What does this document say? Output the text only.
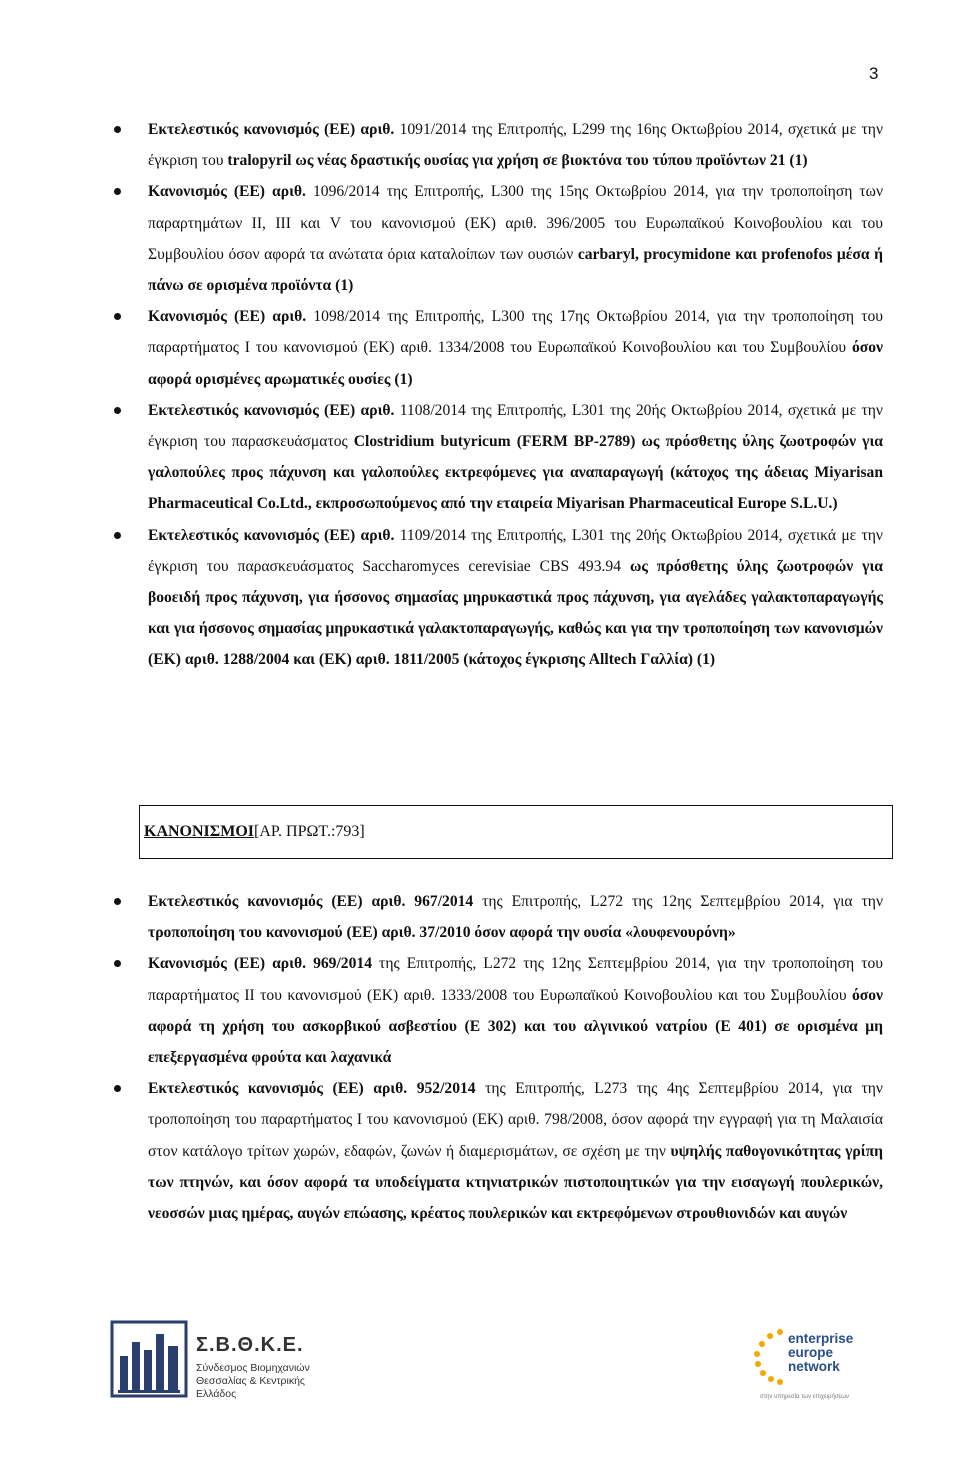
3
Εκτελεστικός κανονισμός (ΕΕ) αριθ. 1091/2014 της Επιτροπής, L299 της 16ης Οκτωβρίου 2014, σχετικά με την έγκριση του tralopyril ως νέας δραστικής ουσίας για χρήση σε βιοκτόνα του τύπου προϊόντων 21 (1)
Κανονισμός (ΕΕ) αριθ. 1096/2014 της Επιτροπής, L300 της 15ης Οκτωβρίου 2014, για την τροποποίηση των παραρτημάτων II, III και V του κανονισμού (ΕΚ) αριθ. 396/2005 του Ευρωπαϊκού Κοινοβουλίου και του Συμβουλίου όσον αφορά τα ανώτατα όρια καταλοίπων των ουσιών carbaryl, procymidone και profenofos μέσα ή πάνω σε ορισμένα προϊόντα (1)
Κανονισμός (ΕΕ) αριθ. 1098/2014 της Επιτροπής, L300 της 17ης Οκτωβρίου 2014, για την τροποποίηση του παραρτήματος I του κανονισμού (ΕΚ) αριθ. 1334/2008 του Ευρωπαϊκού Κοινοβουλίου και του Συμβουλίου όσον αφορά ορισμένες αρωματικές ουσίες (1)
Εκτελεστικός κανονισμός (ΕΕ) αριθ. 1108/2014 της Επιτροπής, L301 της 20ής Οκτωβρίου 2014, σχετικά με την έγκριση του παρασκευάσματος Clostridium butyricum (FERM BP-2789) ως πρόσθετης ύλης ζωοτροφών για γαλοπούλες προς πάχυνση και γαλοπούλες εκτρεφόμενες για αναπαραγωγή (κάτοχος της άδειας Miyarisan Pharmaceutical Co.Ltd., εκπροσωπούμενος από την εταιρεία Miyarisan Pharmaceutical Europe S.L.U.)
Εκτελεστικός κανονισμός (ΕΕ) αριθ. 1109/2014 της Επιτροπής, L301 της 20ής Οκτωβρίου 2014, σχετικά με την έγκριση του παρασκευάσματος Saccharomyces cerevisiae CBS 493.94 ως πρόσθετης ύλης ζωοτροφών για βοοειδή προς πάχυνση, για ήσσονος σημασίας μηρυκαστικά προς πάχυνση, για αγελάδες γαλακτοπαραγωγής και για ήσσονος σημασίας μηρυκαστικά γαλακτοπαραγωγής, καθώς και για την τροποποίηση των κανονισμών (ΕΚ) αριθ. 1288/2004 και (ΕΚ) αριθ. 1811/2005 (κάτοχος έγκρισης Alltech Γαλλία) (1)
ΚΑΝΟΝΙΣΜΟΙ [ΑΡ. ΠΡΩΤ.:793]
Εκτελεστικός κανονισμός (ΕΕ) αριθ. 967/2014 της Επιτροπής, L272 της 12ης Σεπτεμβρίου 2014, για την τροποποίηση του κανονισμού (ΕΕ) αριθ. 37/2010 όσον αφορά την ουσία «λουφενουρόνη»
Κανονισμός (ΕΕ) αριθ. 969/2014 της Επιτροπής, L272 της 12ης Σεπτεμβρίου 2014, για την τροποποίηση του παραρτήματος II του κανονισμού (ΕΚ) αριθ. 1333/2008 του Ευρωπαϊκού Κοινοβουλίου και του Συμβουλίου όσον αφορά τη χρήση του ασκορβικού ασβεστίου (Ε 302) και του αλγινικού νατρίου (Ε 401) σε ορισμένα μη επεξεργασμένα φρούτα και λαχανικά
Εκτελεστικός κανονισμός (ΕΕ) αριθ. 952/2014 της Επιτροπής, L273 της 4ης Σεπτεμβρίου 2014, για την τροποποίηση του παραρτήματος I του κανονισμού (ΕΚ) αριθ. 798/2008, όσον αφορά την εγγραφή για τη Μαλαισία στον κατάλογο τρίτων χωρών, εδαφών, ζωνών ή διαμερισμάτων, σε σχέση με την υψηλής παθογονικότητας γρίπη των πτηνών, και όσον αφορά τα υποδείγματα κτηνιατρικών πιστοποιητικών για την εισαγωγή πουλερικών, νεοσσών μιας ημέρας, αυγών επώασης, κρέατος πουλερικών και εκτρεφόμενων στρουθιονιδών και αυγών
Σ.Β.Θ.Κ.Ε.
Σύνδεσμος Βιομηχανιών Θεσσαλίας & Κεντρικής Ελλάδος
enterprise europe network
στην υπηρεσία των επιχειρήσεων
